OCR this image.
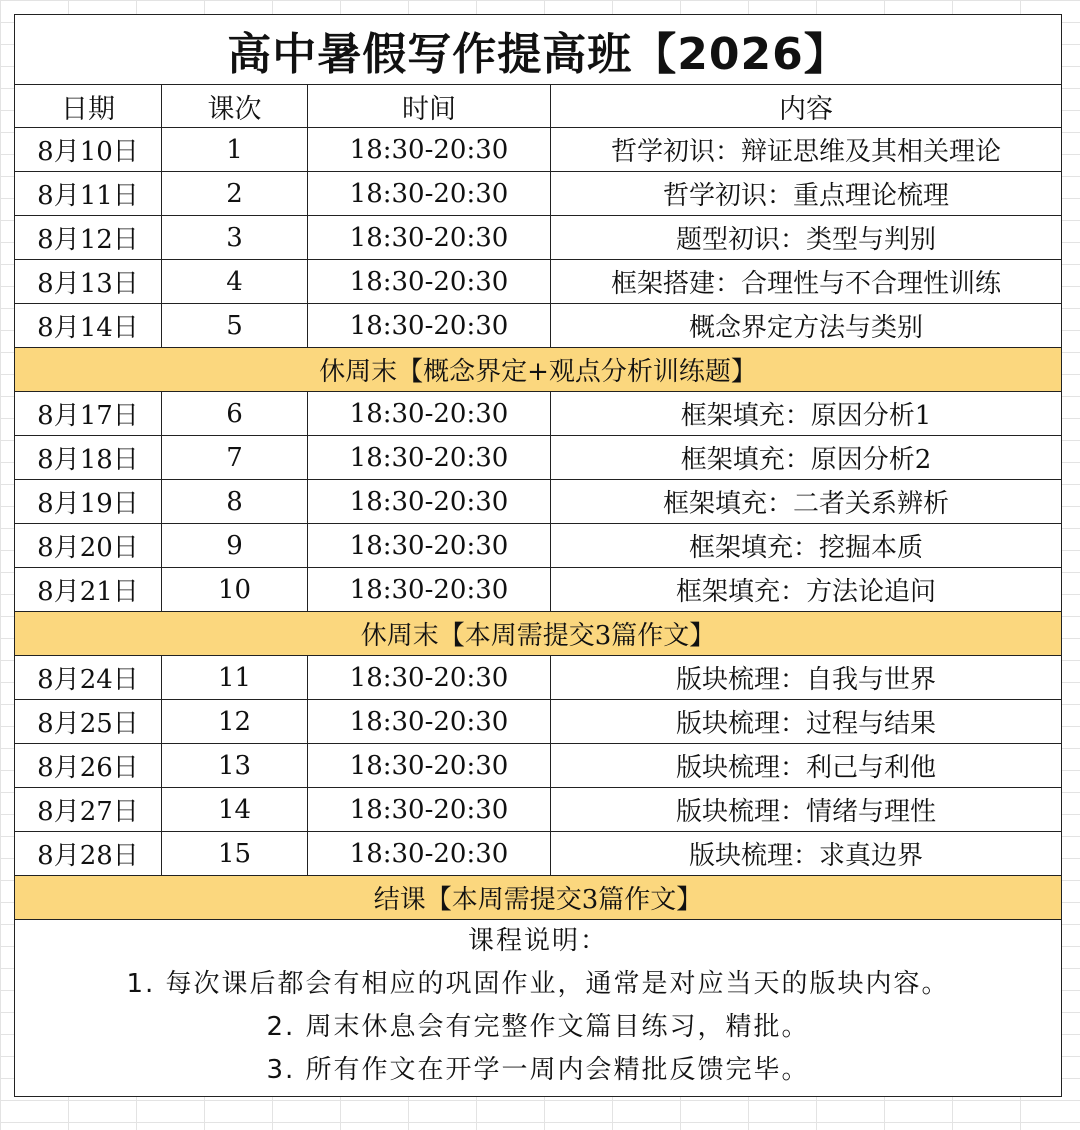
高中暑假写作提高班【2026】			
日期	课次	时间	内容
8月10日	1	18:30-20:30	哲学初识：辩证思维及其相关理论
8月11日	2	18:30-20:30	哲学初识：重点理论梳理
8月12日	3	18:30-20:30	题型初识：类型与判别
8月13日	4	18:30-20:30	框架搭建：合理性与不合理性训练
8月14日	5	18:30-20:30	概念界定方法与类别
休周末【概念界定+观点分析训练题】			
8月17日	6	18:30-20:30	框架填充：原因分析1
8月18日	7	18:30-20:30	框架填充：原因分析2
8月19日	8	18:30-20:30	框架填充：二者关系辨析
8月20日	9	18:30-20:30	框架填充：挖掘本质
8月21日	10	18:30-20:30	框架填充：方法论追问
休周末【本周需提交3篇作文】			
8月24日	11	18:30-20:30	版块梳理：自我与世界
8月25日	12	18:30-20:30	版块梳理：过程与结果
8月26日	13	18:30-20:30	版块梳理：利己与利他
8月27日	14	18:30-20:30	版块梳理：情绪与理性
8月28日	15	18:30-20:30	版块梳理：求真边界
结课【本周需提交3篇作文】			

课程说明：
1. 每次课后都会有相应的巩固作业，通常是对应当天的版块内容。
2. 周末休息会有完整作文篇目练习，精批。
3. 所有作文在开学一周内会精批反馈完毕。			
